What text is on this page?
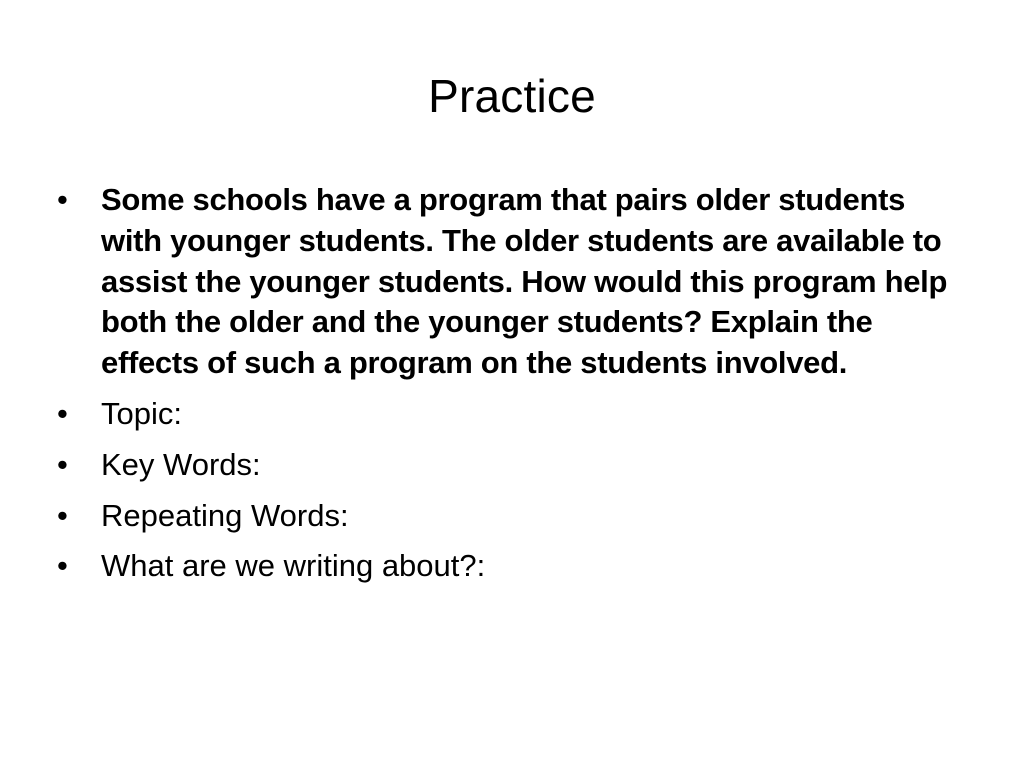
Practice
• Some schools have a program that pairs older students with younger students. The older students are available to assist the younger students. How would this program help both the older and the younger students? Explain the effects of such a program on the students involved.
• Topic:
• Key Words:
• Repeating Words:
• What are we writing about?:
